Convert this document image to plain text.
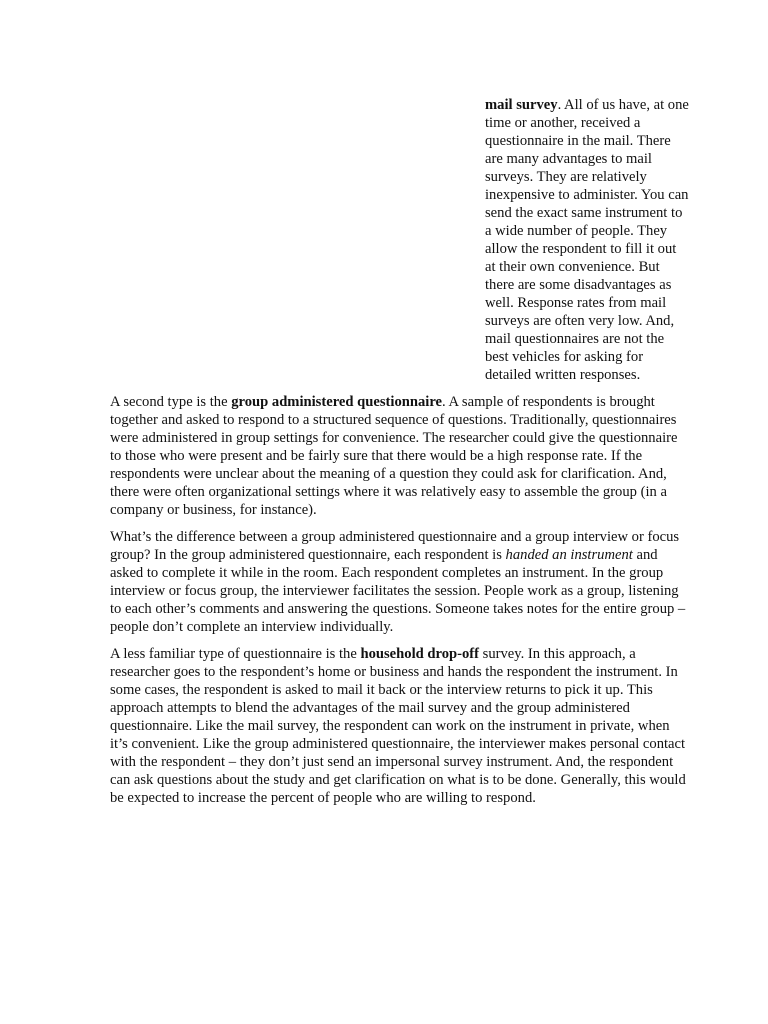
mail survey. All of us have, at one time or another, received a questionnaire in the mail. There are many advantages to mail surveys. They are relatively inexpensive to administer. You can send the exact same instrument to a wide number of people. They allow the respondent to fill it out at their own convenience. But there are some disadvantages as well. Response rates from mail surveys are often very low. And, mail questionnaires are not the best vehicles for asking for detailed written responses.

A second type is the group administered questionnaire. A sample of respondents is brought together and asked to respond to a structured sequence of questions. Traditionally, questionnaires were administered in group settings for convenience. The researcher could give the questionnaire to those who were present and be fairly sure that there would be a high response rate. If the respondents were unclear about the meaning of a question they could ask for clarification. And, there were often organizational settings where it was relatively easy to assemble the group (in a company or business, for instance).

What’s the difference between a group administered questionnaire and a group interview or focus group? In the group administered questionnaire, each respondent is handed an instrument and asked to complete it while in the room. Each respondent completes an instrument. In the group interview or focus group, the interviewer facilitates the session. People work as a group, listening to each other’s comments and answering the questions. Someone takes notes for the entire group – people don’t complete an interview individually.

A less familiar type of questionnaire is the household drop-off survey. In this approach, a researcher goes to the respondent’s home or business and hands the respondent the instrument. In some cases, the respondent is asked to mail it back or the interview returns to pick it up. This approach attempts to blend the advantages of the mail survey and the group administered questionnaire. Like the mail survey, the respondent can work on the instrument in private, when it’s convenient. Like the group administered questionnaire, the interviewer makes personal contact with the respondent – they don’t just send an impersonal survey instrument. And, the respondent can ask questions about the study and get clarification on what is to be done. Generally, this would be expected to increase the percent of people who are willing to respond.
